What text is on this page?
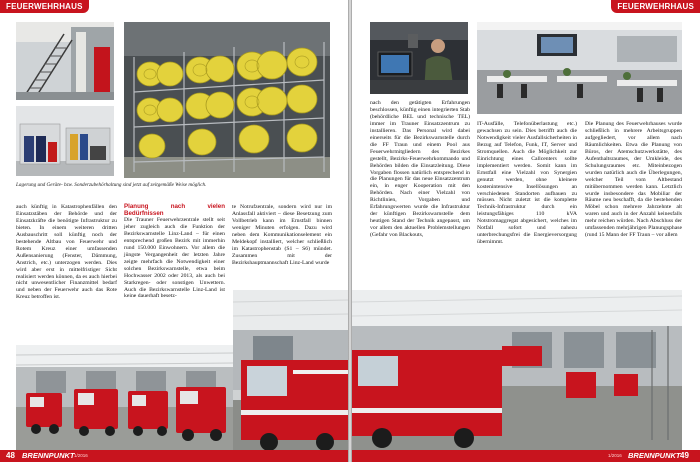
FEUERWEHRHAUS
Lagerung und Geräte- bzw. Sonderzubehörhaltung sind jetzt auf zeitgemäße Weise möglich.

auch künftig in Katastrophenfällen den Einsatzstäben der Behörde und der Einsatzkräfte die benötigte Infrastruktur zu bieten. In einem weiteren dritten Ausbauschritt soll künftig noch der bestehende Altbau von Feuerwehr und Rotem Kreuz einer umfassenden Außensanierung (Fenster, Dämmung, Anstrich, etc.) unterzogen werden. Dies wird aber erst in mittelfristiger Sicht realisiert werden können, da es auch hierbei nicht unwesentlicher Finanzmittel bedarf und neben der Feuerwehr auch das Rote Kreuz betroffen ist.

Planung nach vielen Bedürfnissen

Die Trauner Feuerwehrzentrale stellt seit jeher zugleich auch die Funktion der Bezirkswarnstelle Linz-Land – für einen entsprechend großen Bezirk mit immerhin rund 150.000 Einwohnern. Vor allem die jüngste Vergangenheit der letzten Jahre zeigte mehrfach die Notwendigkeit einer solchen Bezirkswarnstelle, etwa beim Hochwasser 2002 oder 2013, als auch bei Starkregen- oder sonstigen Unwettern. Auch die Bezirkswarnstelle Linz-Land ist keine dauerhaft besetz-

te Notrufzentrale, sondern wird nur im Anlassfall aktiviert – diese Besetzung zum Vollbetrieb kann im Ernstfall binnen weniger Minuten erfolgen. Dazu wird neben dem Kommunikationselement ein Meldekopf installiert, welcher schließlich im Katastrophenstab (S1 – S6) mündet. Zusammen mit der Bezirkshauptmannschaft Linz-Land wurde

48 BRENNPUNKT 1/2016
FEUERWEHRHAUS

nach den getätigten Erfahrungen beschlossen, künftig einen integrierten Stab (behördliche BEL und technische TEL) immer im Trauner Einsatzzentrum zu installieren. Das Personal wird dabei einerseits für die Bezirkswarnstelle durch die FF Traun und einem Pool aus Feuerwehrmitgliedern des Bezirkes gestellt, Bezirks-Feuerwehrkommando und Behörden bilden die Einsatzleitung. Diese Vorgaben flossen natürlich entsprechend in die Planungen für das neue Einsatzzentrum ein, in enger Kooperation mit den Behörden. Nach einer Vielzahl von Richtlinien, Vorgaben und Erfahrungswerten wurde die Infrastruktur der künftigen Bezirkswarnstelle dem heutigen Stand der Technik angepasst, um vor allem den aktuellen Problemstellungen (Gefahr von Blackouts,

IT-Ausfälle, Telefonüberlastung etc.) gewachsen zu sein. Dies betrifft auch die Notwendigkeit vieler Ausfallsicherheiten in Bezug auf Telefon, Funk, IT, Server und Stromquellen. Auch die Möglichkeit zur Einrichtung eines Callcenters sollte implementiert werden. Somit kann im Ernstfall eine Vielzahl von Synergien genutzt werden, ohne kleinere kostenintensive Insellösungen an verschiedenen Standorten aufbauen zu müssen. Nicht zuletzt ist die komplette Technik-Infrastruktur durch ein leistungsfähiges 110 kVA Notstromaggregat abgesichert, welches im Notfall sofort und nahezu unterbrechungsfrei die Energieversorgung übernimmt.

Die Planung des Feuerwehrhauses wurde schließlich in mehrere Arbeitsgruppen aufgegliedert, vor allem nach Räumlichkeiten. Etwa die Planung von Büros, der Atemschutzwerkstätte, des Aufenthaltsraumes, der Umkleide, des Schulungsraumes etc. Miteinbezogen wurden natürlich auch die Überlegungen, welcher Teil vom Altbestand mitübernommen werden kann. Letztlich wurde insbesondere das Mobiliar der Räume neu beschafft, da die bestehenden Möbel schon mehrere Jahrzehnte alt waren und auch in der Anzahl keinesfalls mehr reichen würden. Nach Abschluss der umfassenden mehrjährigen Planungsphase (rund 15 Mann der FF Traun – vor allem

1/2016 BRENNPUNKT 49
